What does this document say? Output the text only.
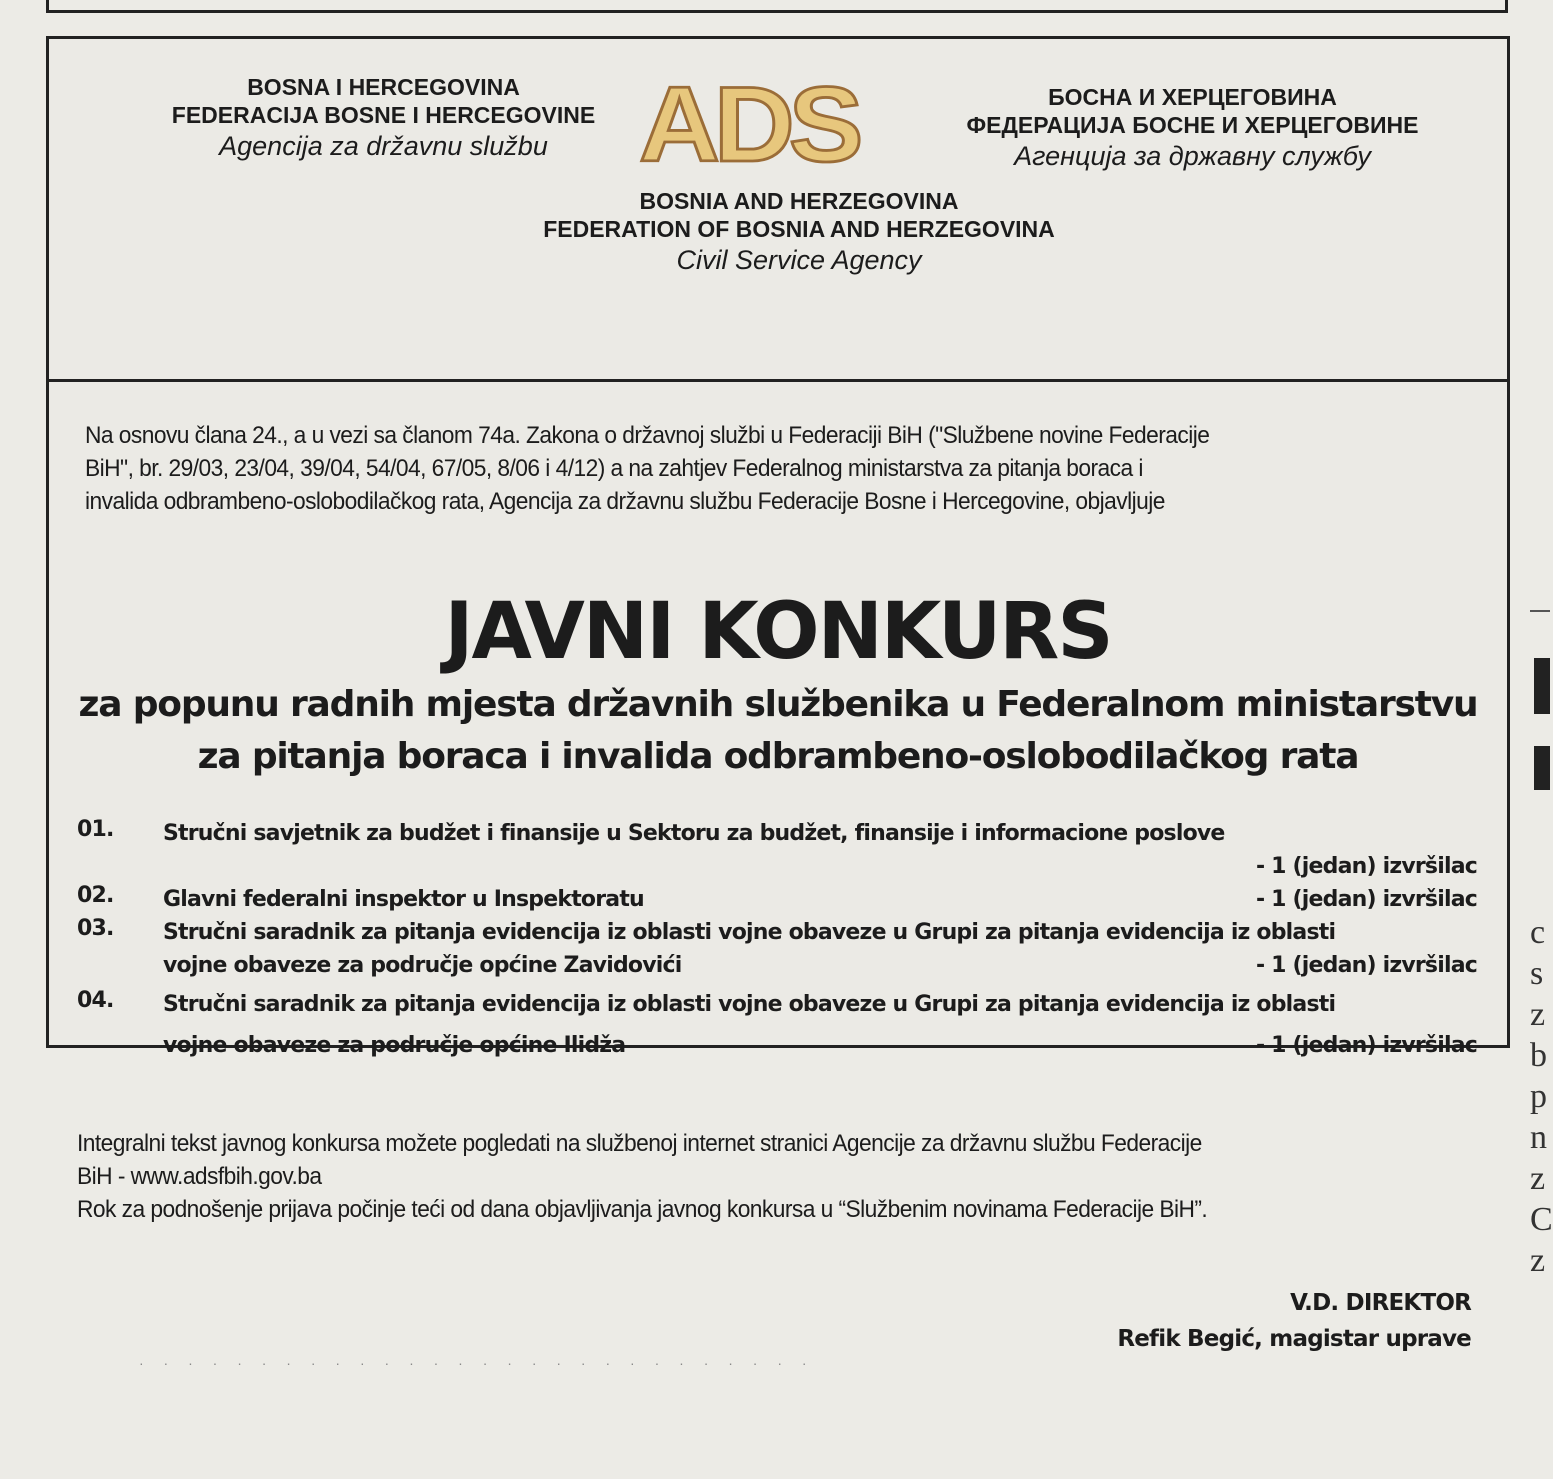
BOSNA I HERCEGOVINA
FEDERACIJA BOSNE I HERCEGOVINE
Agencija za državnu službu ADS	БОСНА И ХЕРЦЕГОВИНА
ФЕДЕРАЦИЈА БОСНЕ И ХЕРЦЕГОВИНЕ
Агенција за државну службу
BOSNIA AND HERZEGOVINA
FEDERATION OF BOSNIA AND HERZEGOVINA
Civil Service Agency
Na osnovu člana 24., a u vezi sa članom 74a. Zakona o državnoj službi u Federaciji BiH ("Službene novine Federacije
BiH", br. 29/03, 23/04, 39/04, 54/04, 67/05, 8/06 i 4/12) a na zahtjev Federalnog ministarstva za pitanja boraca i
invalida odbrambeno-oslobodilačkog rata, Agencija za državnu službu Federacije Bosne i Hercegovine, objavljuje
JAVNI KONKURS
za popunu radnih mjesta državnih službenika u Federalnom ministarstvu
za pitanja boraca i invalida odbrambeno-oslobodilačkog rata
01. Stručni savjetnik za budžet i finansije u Sektoru za budžet, finansije i informacione poslove
- 1 (jedan) izvršilac
02. Glavni federalni inspektor u Inspektoratu	- 1 (jedan) izvršilac
03. Stručni saradnik za pitanja evidencija iz oblasti vojne obaveze u Grupi za pitanja evidencija iz oblasti
vojne obaveze za područje općine Zavidovići	- 1 (jedan) izvršilac
04. Stručni saradnik za pitanja evidencija iz oblasti vojne obaveze u Grupi za pitanja evidencija iz oblasti
vojne obaveze za područje općine Ilidža	- 1 (jedan) izvršilac
Integralni tekst javnog konkursa možete pogledati na službenoj internet stranici Agencije za državnu službu Federacije
BiH - www.adsfbih.gov.ba
Rok za podnošenje prijava počinje teći od dana objavljivanja javnog konkursa u “Službenim novinama Federacije BiH”.
· · · · · · · · · · · · · · · · · · · · · · · · · · · ·
V.D. DIREKTOR
Refik Begić, magistar uprave
c
s
z
b
p
n
z
C
z
